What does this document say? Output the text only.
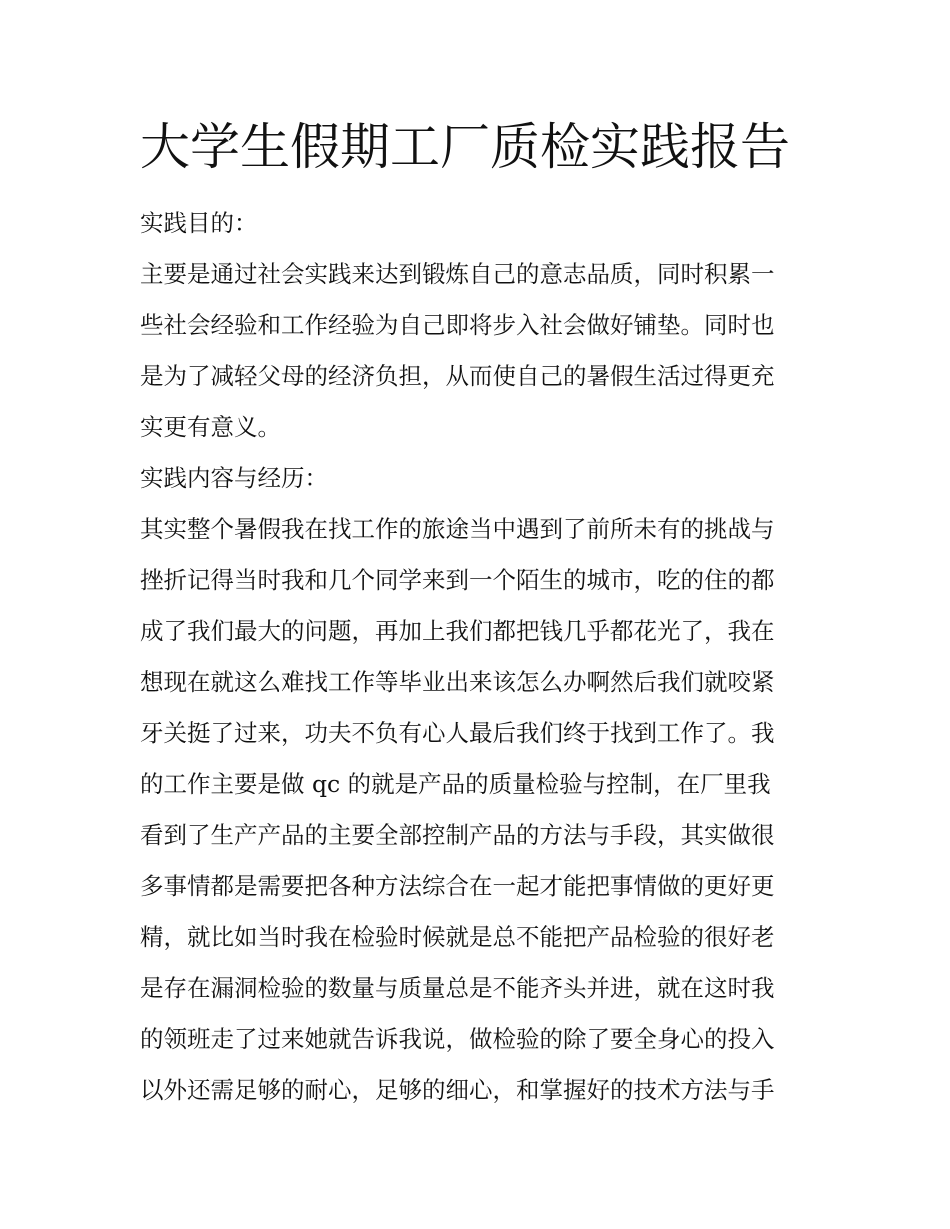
大学生假期工厂质检实践报告
实践目的：
主要是通过社会实践来达到锻炼自己的意志品质，同时积累一
些社会经验和工作经验为自己即将步入社会做好铺垫。同时也
是为了减轻父母的经济负担，从而使自己的暑假生活过得更充
实更有意义。
实践内容与经历：
其实整个暑假我在找工作的旅途当中遇到了前所未有的挑战与
挫折记得当时我和几个同学来到一个陌生的城市，吃的住的都
成了我们最大的问题，再加上我们都把钱几乎都花光了，我在
想现在就这么难找工作等毕业出来该怎么办啊然后我们就咬紧
牙关挺了过来，功夫不负有心人最后我们终于找到工作了。我
的工作主要是做 qc 的就是产品的质量检验与控制，在厂里我
看到了生产产品的主要全部控制产品的方法与手段，其实做很
多事情都是需要把各种方法综合在一起才能把事情做的更好更
精，就比如当时我在检验时候就是总不能把产品检验的很好老
是存在漏洞检验的数量与质量总是不能齐头并进，就在这时我
的领班走了过来她就告诉我说，做检验的除了要全身心的投入
以外还需足够的耐心，足够的细心，和掌握好的技术方法与手
